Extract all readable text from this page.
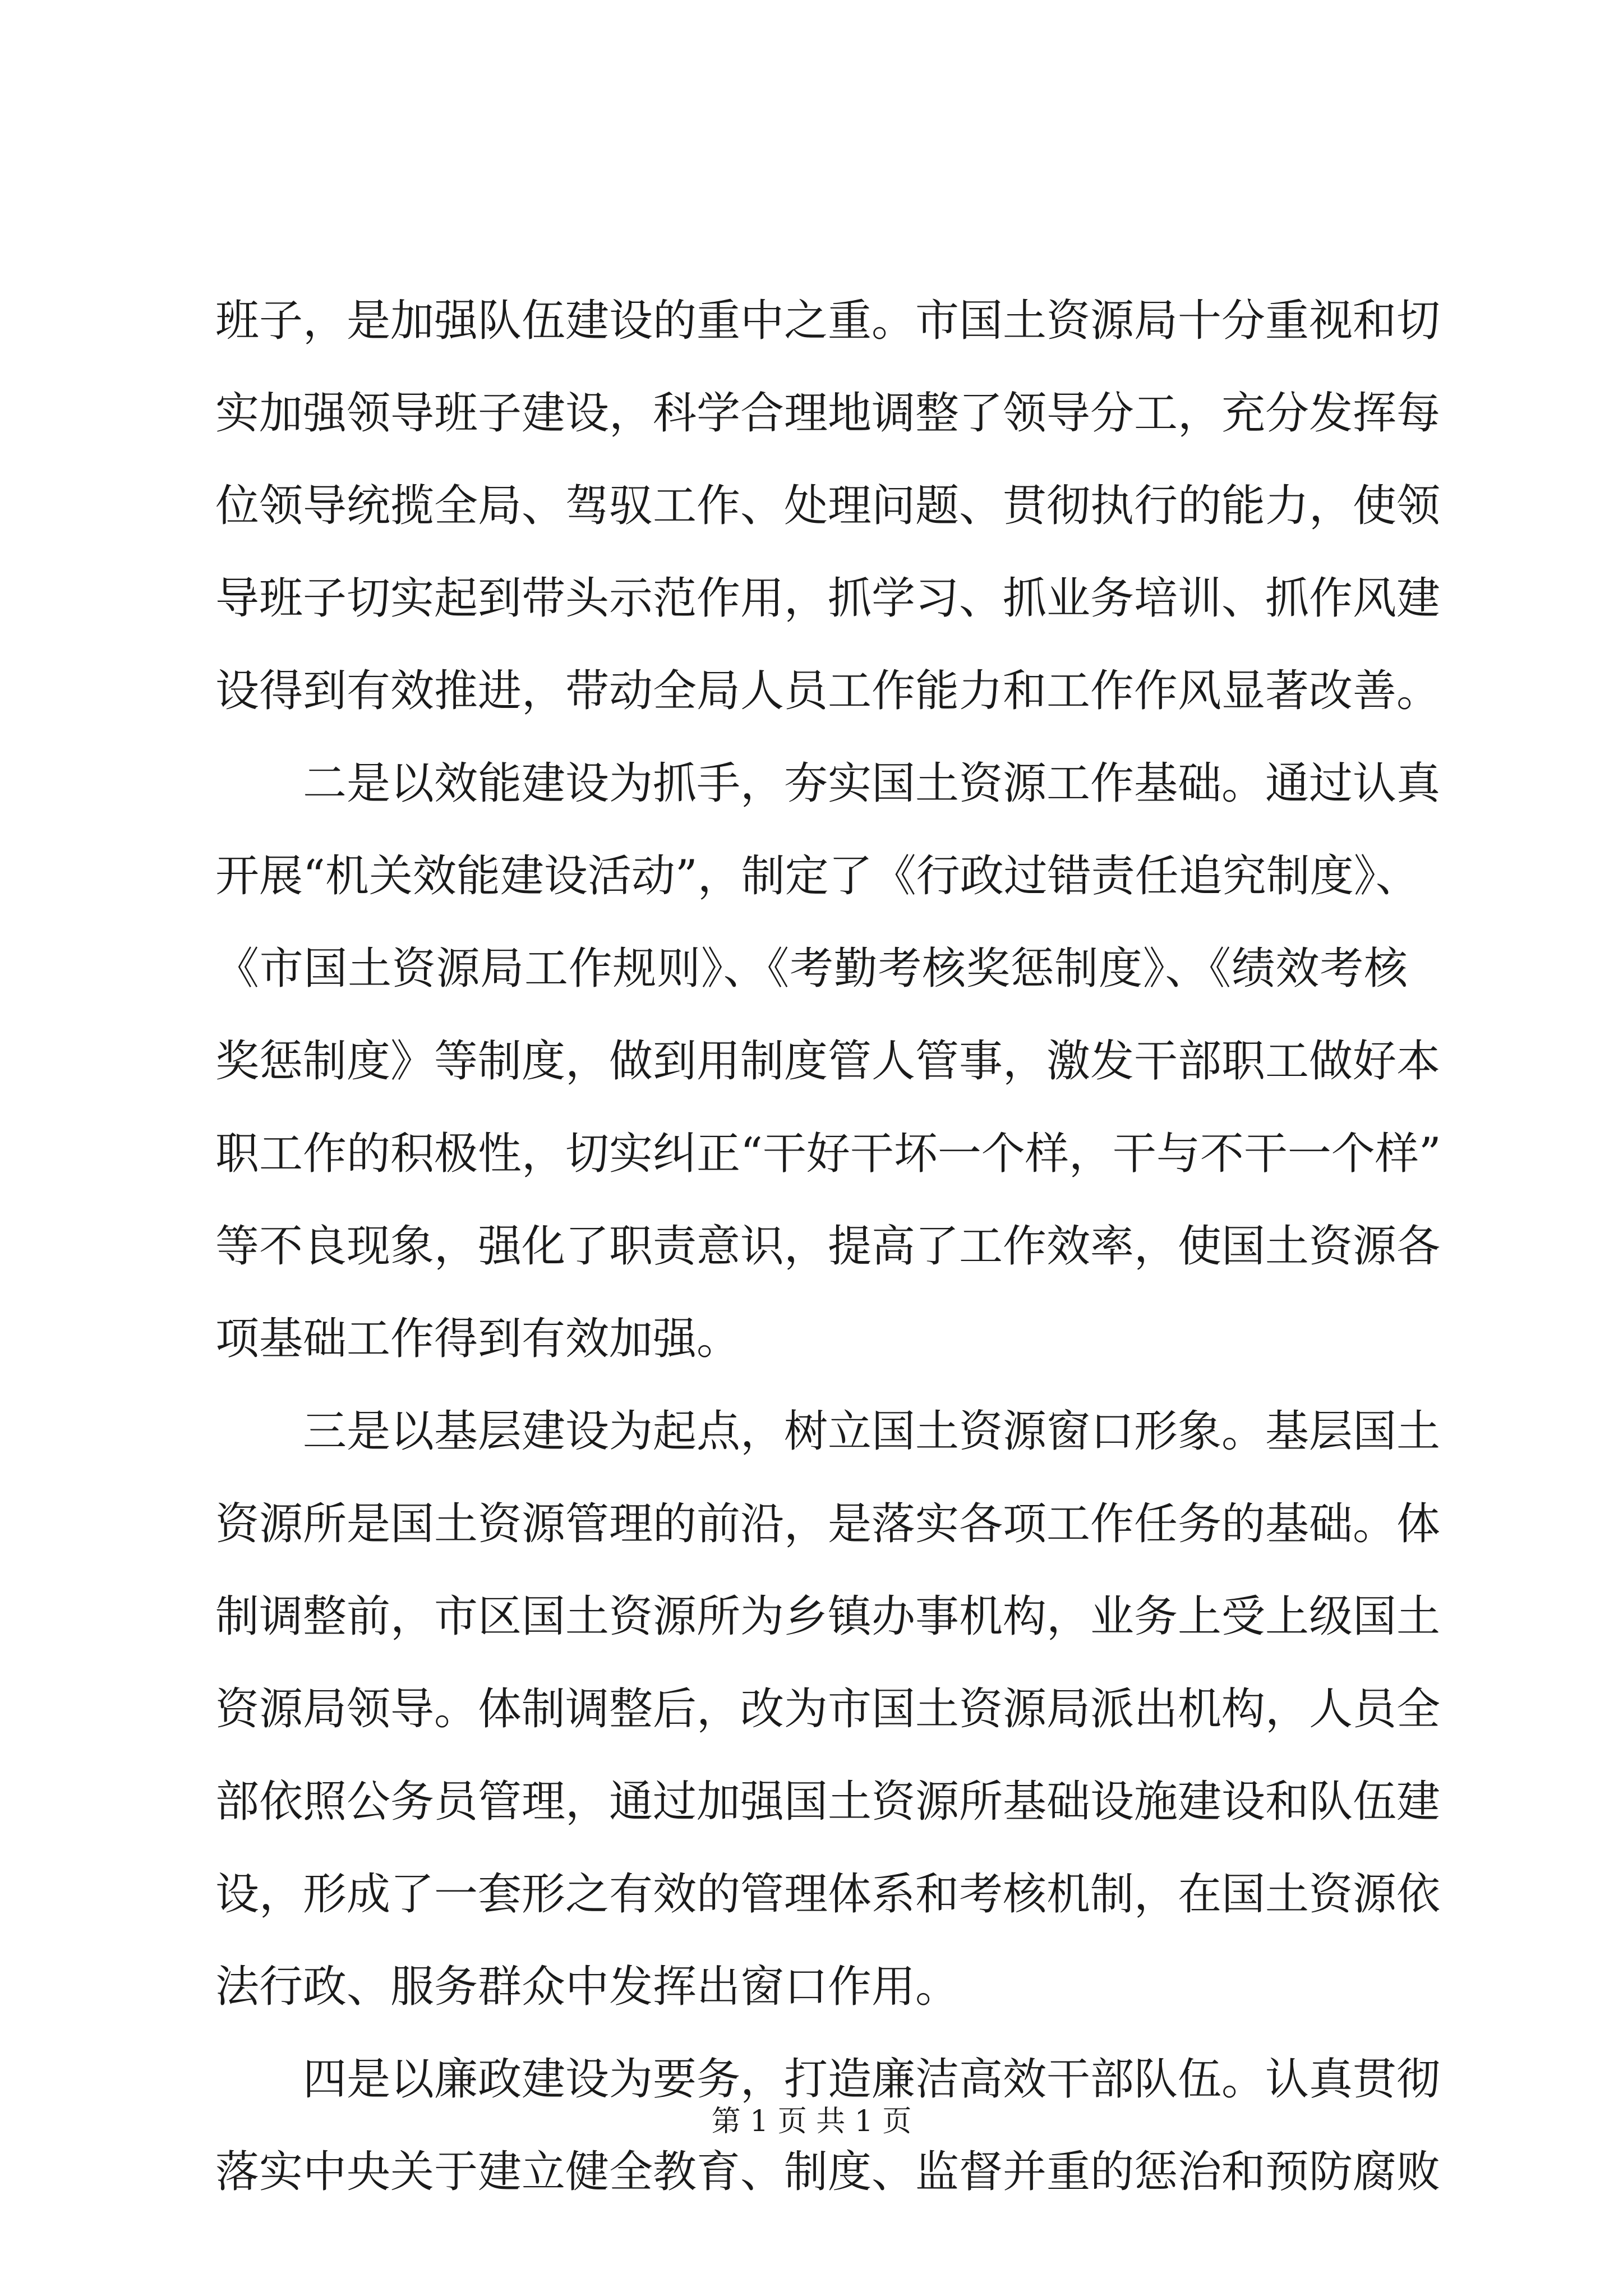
班子，是加强队伍建设的重中之重。市国土资源局十分重视和切
实加强领导班子建设，科学合理地调整了领导分工，充分发挥每
位领导统揽全局、驾驭工作、处理问题、贯彻执行的能力，使领
导班子切实起到带头示范作用，抓学习、抓业务培训、抓作风建
设得到有效推进，带动全局人员工作能力和工作作风显著改善。
二是以效能建设为抓手，夯实国土资源工作基础。通过认真
开展“机关效能建设活动”，制定了《行政过错责任追究制度》、
《市国土资源局工作规则》、《考勤考核奖惩制度》、《绩效考核
奖惩制度》等制度，做到用制度管人管事，激发干部职工做好本
职工作的积极性，切实纠正“干好干坏一个样，干与不干一个样”
等不良现象，强化了职责意识，提高了工作效率，使国土资源各
项基础工作得到有效加强。
三是以基层建设为起点，树立国土资源窗口形象。基层国土
资源所是国土资源管理的前沿，是落实各项工作任务的基础。体
制调整前，市区国土资源所为乡镇办事机构，业务上受上级国土
资源局领导。体制调整后，改为市国土资源局派出机构，人员全
部依照公务员管理，通过加强国土资源所基础设施建设和队伍建
设，形成了一套形之有效的管理体系和考核机制，在国土资源依
法行政、服务群众中发挥出窗口作用。
四是以廉政建设为要务，打造廉洁高效干部队伍。认真贯彻
落实中央关于建立健全教育、制度、监督并重的惩治和预防腐败
第 1 页 共 1 页
